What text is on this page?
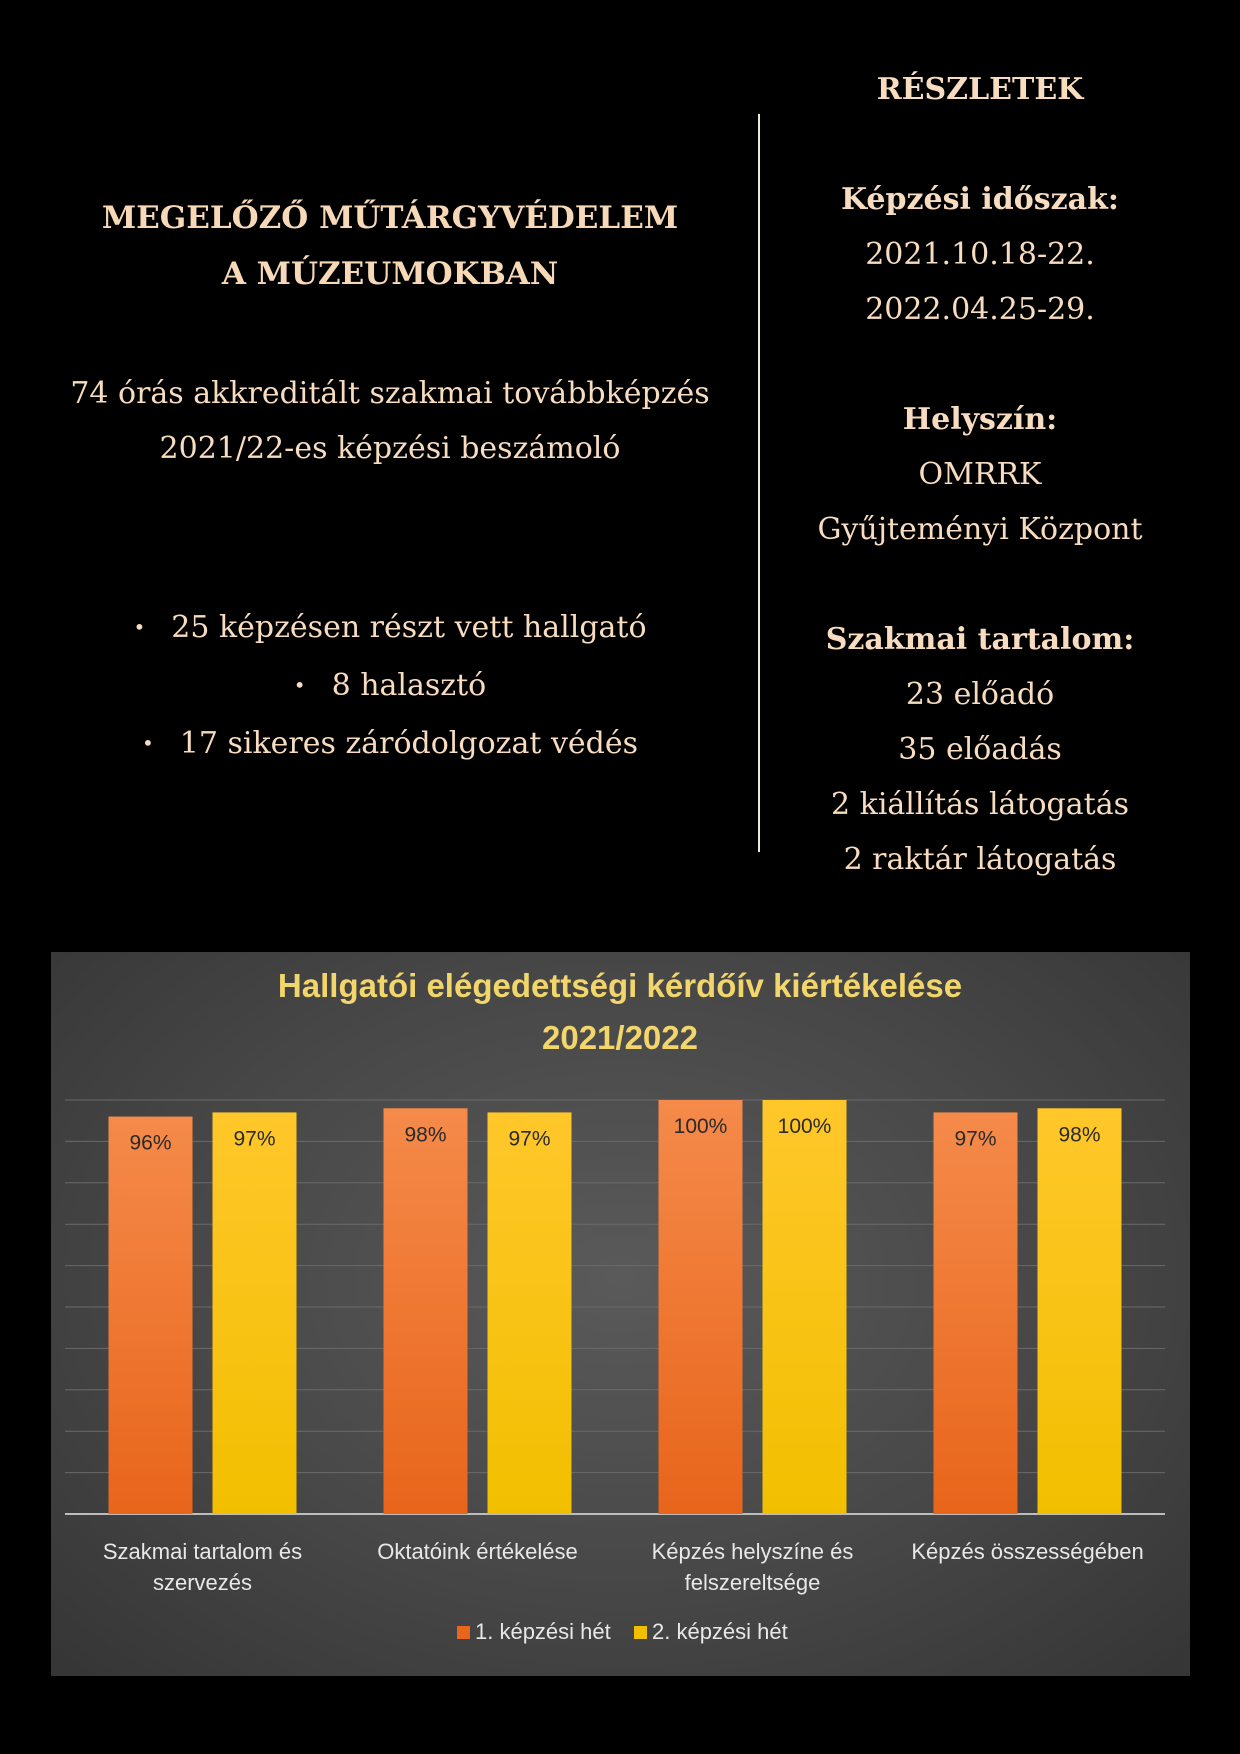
MEGELŐZŐ MŰTÁRGYVÉDELEM
A MÚZEUMOKBAN
74 órás akkreditált szakmai továbbképzés
2021/22-es képzési beszámoló
• 25 képzésen részt vett hallgató
• 8 halasztó
• 17 sikeres záródolgozat védés
RÉSZLETEK
Képzési időszak:
2021.10.18-22.
2022.04.25-29.
Helyszín:
OMRRK
Gyűjteményi Központ
Szakmai tartalom:
23 előadó
35 előadás
2 kiállítás látogatás
2 raktár látogatás
Hallgatói elégedettségi kérdőív kiértékelése
2021/2022
96%	97%
Szakmai tartalom és
szervezés
98%	97%
Oktatóink értékelése
100% 100%
Képzés helyszíne és
felszereltsége
97%	98%
Képzés összességében
1. képzési hét 2. képzési hét
